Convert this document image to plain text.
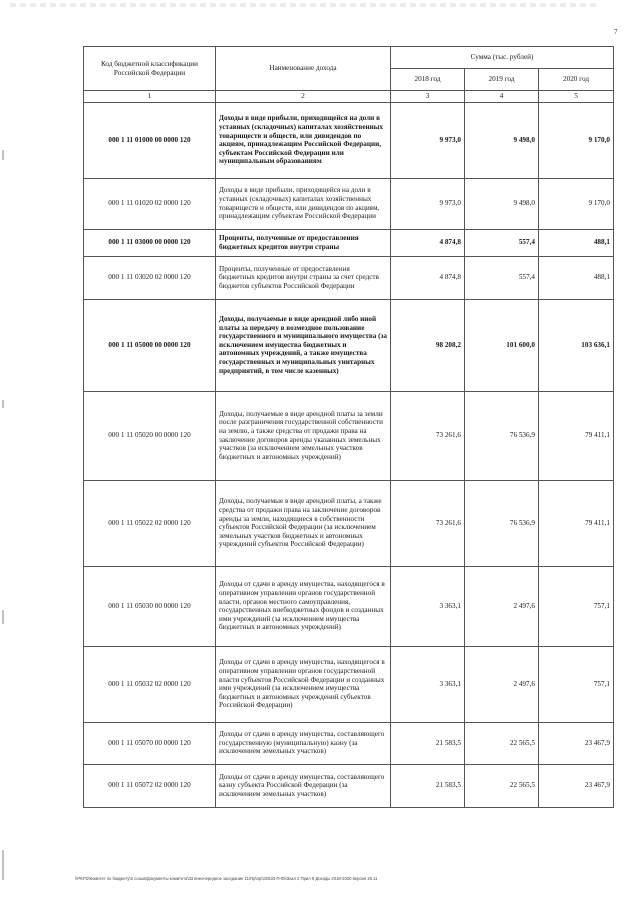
7
Код бюджетной классификации Российской Федерации	Наименование дохода	Сумма (тыс. рублей)		
		2018 год	2019 год	2020 год
1	2	3	4	5
000 1 11 01000 00 0000 120	Доходы в виде прибыли, приходящейся на доли в уставных (складочных) капиталах хозяйственных товариществ и обществ, или дивидендов по акциям, принадлежащим Российской Федерации, субъектам Российской Федерации или муниципальным образованиям	9 973,0	9 498,0	9 170,0
000 1 11 01020 02 0000 120	Доходы в виде прибыли, приходящейся на доли в уставных (складочных) капиталах хозяйственных товариществ и обществ, или дивидендов по акциям, принадлежащим субъектам Российской Федерации	9 973,0	9 498,0	9 170,0
000 1 11 03000 00 0000 120	Проценты, полученные от предоставления бюджетных кредитов внутри страны	4 874,8	557,4	488,1
000 1 11 03020 02 0000 120	Проценты, полученные от предоставления бюджетных кредитов внутри страны за счет средств бюджетов субъектов Российской Федерации	4 874,8	557,4	488,1
000 1 11 05000 00 0000 120	Доходы, получаемые в виде арендной либо иной платы за передачу в возмездное пользование государственного и муниципального имущества (за исключением имущества бюджетных и автономных учреждений, а также имущества государственных и муниципальных унитарных предприятий, в том числе казенных)	98 208,2	101 600,0	103 636,1
000 1 11 05020 00 0000 120	Доходы, получаемые в виде арендной платы за земли после разграничения государственной собственности на землю, а также средства от продажи права на заключение договоров аренды указанных земельных участков (за исключением земельных участков бюджетных и автономных учреждений)	73 261,6	76 536,9	79 411,1
000 1 11 05022 02 0000 120	Доходы, получаемые в виде арендной платы, а также средства от продажи права на заключение договоров аренды за земли, находящиеся в собственности субъектов Российской Федерации (за исключением земельных участков бюджетных и автономных учреждений субъектов Российской Федерации)	73 261,6	76 536,9	79 411,1
000 1 11 05030 00 0000 120	Доходы от сдачи в аренду имущества, находящегося в оперативном управлении органов государственной власти, органов местного самоуправления, государственных внебюджетных фондов и созданных ими учреждений (за исключением имущества бюджетных и автономных учреждений)	3 363,1	2 497,6	757,1
000 1 11 05032 02 0000 120	Доходы от сдачи в аренду имущества, находящегося в оперативном управлении органов государственной власти субъектов Российской Федерации и созданных ими учреждений (за исключением имущества бюджетных и автономных учреждений субъектов Российской Федерации)	3 363,1	2 497,6	757,1
000 1 11 05070 00 0000 120	Доходы от сдачи в аренду имущества, составляющего государственную (муниципальную) казну (за исключением земельных участков)	21 583,5	22 565,5	23 467,9
000 1 11 05072 02 0000 120	Доходы от сдачи в аренду имущества, составляющего казну субъекта Российской Федерации (за исключением земельных участков)	21 583,5	22 565,5	23 467,9
\\PKFD\Комитет по бюджету\2 созыв\Документы комитета\33 внеочередное заседание 11\Пр\пр\33\633-П-05\Закл 2 Прил 9 Доходы 2018-2020 версия 26.11
